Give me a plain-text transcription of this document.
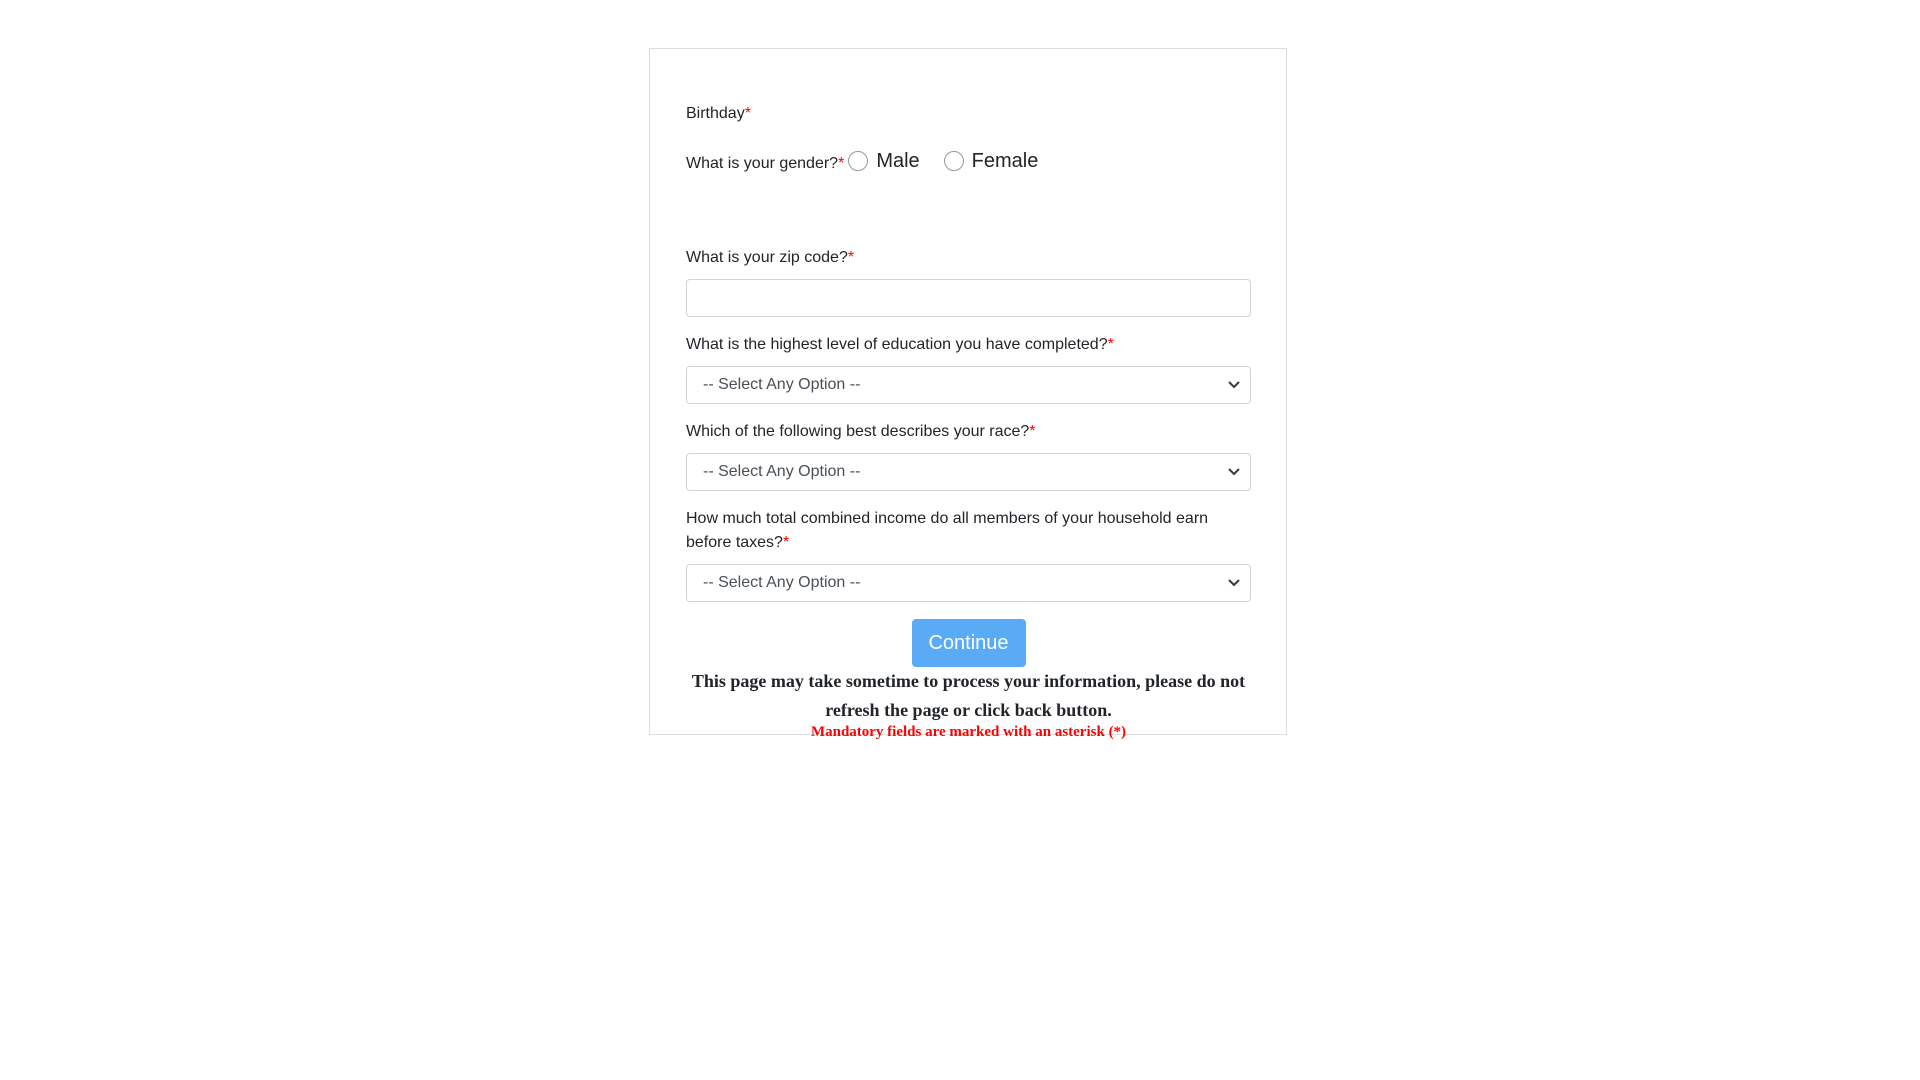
Birthday*
What is your gender?* Male	Female
What is your zip code?*
What is the highest level of education you have completed?*
-- Select Any Option --
Which of the following best describes your race?*
-- Select Any Option --
How much total combined income do all members of your household earn before taxes?*
-- Select Any Option --
Continue
This page may take sometime to process your information, please do not refresh the page or click back button.
Mandatory fields are marked with an asterisk (*)
